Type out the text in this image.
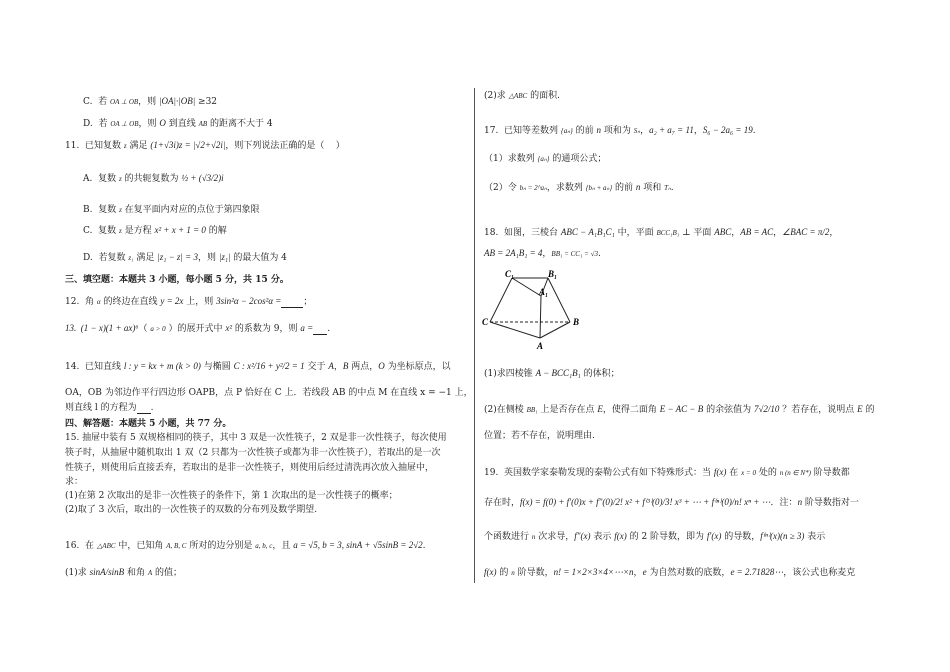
C.  若 OA ⊥ OB，则 |OA|·|OB| ≥32
D.  若 OA ⊥ OB，则 O 到直线 AB 的距离不大于 4
11.  已知复数 z 满足 (1+√3i)z = |√2+√2i|，则下列说法正确的是（    ）
A.  复数 z 的共轭复数为 ½ + (√3/2)i
B.  复数 z 在复平面内对应的点位于第四象限
C.  复数 z 是方程 x² + x + 1 = 0 的解
D.  若复数 z₁ 满足 |z₁ − z| = 3，则 |z₁| 的最大值为 4
三、填空题：本题共 3 小题，每小题 5 分，共 15 分。
12.  角 α 的终边在直线 y = 2x 上，则 3sin²α − 2cos²α = ；
13.  (1 − x)(1 + ax)⁶（ a > 0 ）的展开式中 x² 的系数为 9，则 a = .
14.  已知直线 l : y = kx + m (k > 0) 与椭圆 C : x²/16 + y²/2 = 1 交于 A，B 两点，O 为坐标原点，以
OA，OB 为邻边作平行四边形 OAPB，点 P 恰好在 C 上．若线段 AB 的中点 M 在直线 x = −1 上，
则直线 l 的方程为 .
四、解答题：本题共 5 小题，共 77 分。
15. 抽屉中装有 5 双规格相同的筷子，其中 3 双是一次性筷子，2 双是非一次性筷子，每次使用
筷子时，从抽屉中随机取出 1 双（2 只都为一次性筷子或都为非一次性筷子），若取出的是一次
性筷子，则使用后直接丢弃，若取出的是非一次性筷子，则使用后经过清洗再次放入抽屉中，
求：
(1)在第 2 次取出的是非一次性筷子的条件下，第 1 次取出的是一次性筷子的概率；
(2)取了 3 次后，取出的一次性筷子的双数的分布列及数学期望.
16.  在 △ABC 中，已知角 A, B, C 所对的边分别是 a, b, c，且 a = √5, b = 3, sinA + √5sinB = 2√2.
(1)求 sinA/sinB 和角 A 的值；
(2)求 △ABC 的面积.
17.  已知等差数列 {aₙ} 的前 n 项和为 Sₙ，a₂ + a₇ = 11，S₆ − 2a₆ = 19.
（1）求数列 {aₙ} 的通项公式；
（2）令 bₙ = 2^aₙ，求数列 {bₙ + aₙ} 的前 n 项和 Tₙ.
18.  如图，三棱台 ABC − A₁B₁C₁ 中，平面 BCC₁B₁ ⊥ 平面 ABC，AB = AC，∠BAC = π/2，
AB = 2A₁B₁ = 4，BB₁ = CC₁ = √3.
C₁	B₁
A₁
C	B
A
(1)求四棱锥 A − BCC₁B₁ 的体积；
(2)在侧棱 BB₁ 上是否存在点 E，使得二面角 E − AC − B 的余弦值为 7√2/10 ？若存在，说明点 E 的
位置；若不存在，说明理由.
19.  英国数学家泰勒发现的泰勒公式有如下特殊形式：当 f(x) 在 x = 0 处的 n (n ∈ N*) 阶导数都
存在时，f(x) = f(0) + f′(0)x + f″(0)/2! x² + f⁽³⁾(0)/3! x³ + ⋯ + f⁽ⁿ⁾(0)/n! xⁿ + ⋯．注：n 阶导数指对一
个函数进行 n 次求导，f″(x) 表示 f(x) 的 2 阶导数，即为 f′(x) 的导数，f⁽ⁿ⁾(x)(n ≥ 3) 表示
f(x) 的 n 阶导数，n! = 1×2×3×4×⋯×n，e 为自然对数的底数，e = 2.71828⋯，该公式也称麦克
